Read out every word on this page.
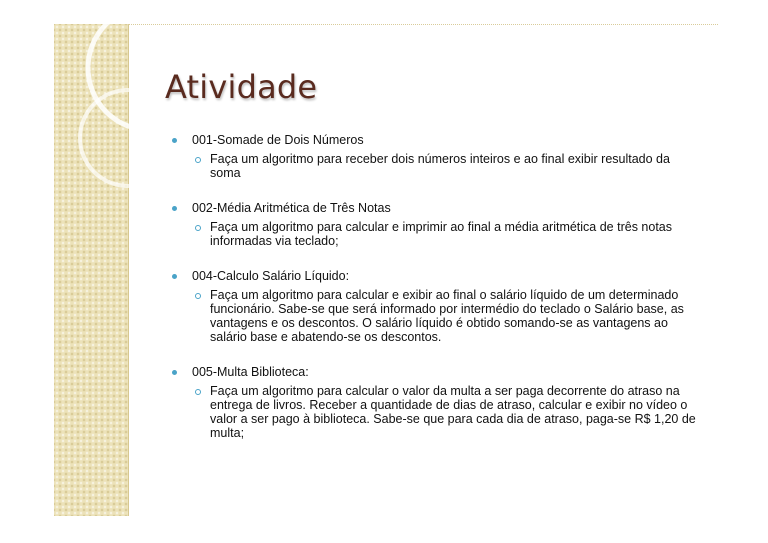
Atividade
001-Somade de Dois Números
Faça um algoritmo para receber dois números inteiros e ao final exibir resultado da soma
002-Média Aritmética de Três Notas
Faça um algoritmo para calcular e imprimir ao final a média aritmética de três notas informadas via teclado;
004-Calculo Salário Líquido:
Faça um algoritmo para calcular e exibir ao final o salário líquido de um determinado funcionário. Sabe-se que será informado por intermédio do teclado o Salário base, as vantagens e os descontos. O salário líquido é obtido somando-se as vantagens ao salário base e abatendo-se os descontos.
005-Multa Biblioteca:
Faça um algoritmo para calcular o valor da multa a ser paga decorrente do atraso na entrega de livros. Receber a quantidade de dias de atraso, calcular e exibir no vídeo o valor a ser pago à biblioteca. Sabe-se que para cada dia de atraso, paga-se R$ 1,20 de multa;
